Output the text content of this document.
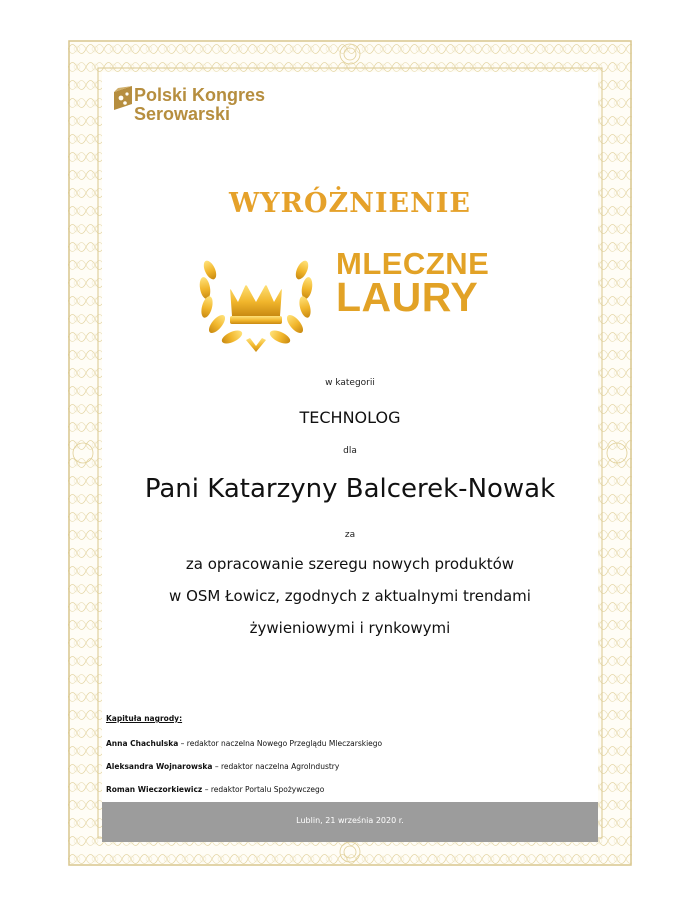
Polski Kongres
Serowarski
WYRÓŻNIENIE
MLECZNE
LAURY
w kategorii
TECHNOLOG
dla
Pani Katarzyny Balcerek-Nowak
za
za opracowanie szeregu nowych produktów
w OSM Łowicz, zgodnych z aktualnymi trendami
żywieniowymi i rynkowymi
Kapituła nagrody:
Anna Chachulska – redaktor naczelna Nowego Przeglądu Mleczarskiego
Aleksandra Wojnarowska – redaktor naczelna AgroIndustry
Roman Wieczorkiewicz – redaktor Portalu Spożywczego
Lublin, 21 września 2020 r.
